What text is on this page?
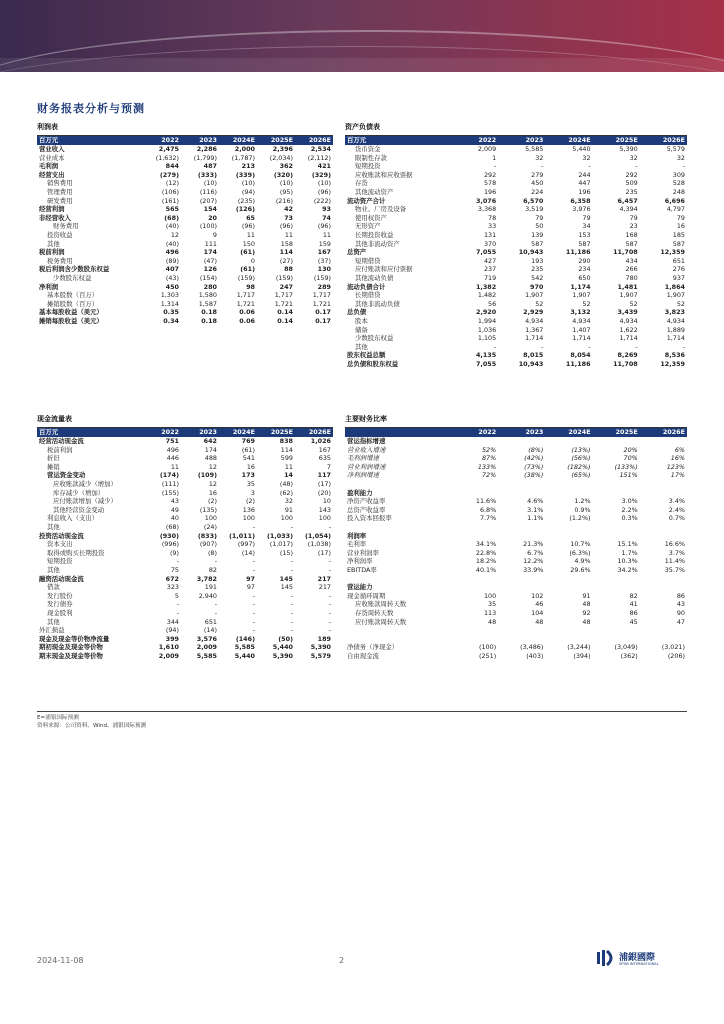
财务报表分析与预测
利润表
百万元	2022	2023	2024E	2025E	2026E
营业收入	2,475	2,286	2,000	2,396	2,534
营业成本	(1,632)	(1,799)	(1,787)	(2,034)	(2,112)
毛利润	844	487	213	362	421
经营支出	(279)	(333)	(339)	(320)	(329)
销售费用	(12)	(10)	(10)	(10)	(10)
管理费用	(106)	(116)	(94)	(95)	(96)
研发费用	(161)	(207)	(235)	(216)	(222)
经营利润	565	154	(126)	42	93
非经营收入	(68)	20	65	73	74
财务费用	(40)	(100)	(96)	(96)	(96)
投资收益	12	9	11	11	11
其他	(40)	111	150	158	159
税前利润	496	174	(61)	114	167
税务费用	(89)	(47)	0	(27)	(37)
税后利润含少数股东权益	407	126	(61)	88	130
少数股东权益	(43)	(154)	(159)	(159)	(159)
净利润	450	280	98	247	289
基本股数（百万）	1,303	1,580	1,717	1,717	1,717
摊销股数（百万）	1,314	1,587	1,721	1,721	1,721
基本每股收益（美元）	0.35	0.18	0.06	0.14	0.17
摊销每股收益（美元）	0.34	0.18	0.06	0.14	0.17
资产负债表
百万元	2022	2023	2024E	2025E	2026E
货币资金	2,009	5,585	5,440	5,390	5,579
限制性存款	1	32	32	32	32
短期投资	-	-	-	-	-
应收账款和应收票据	292	279	244	292	309
存货	578	450	447	509	528
其他流动资产	196	224	196	235	248
流动资产合计	3,076	6,570	6,358	6,457	6,696
物业、厂房及设备	3,368	3,519	3,976	4,394	4,797
使用权资产	78	79	79	79	79
无形资产	33	50	34	23	16
长期投资收益	131	139	153	168	185
其他非流动资产	370	587	587	587	587
总资产	7,055	10,943	11,186	11,708	12,359
短期借贷	427	193	290	434	651
应付账款和应付票据	237	235	234	266	276
其他流动负债	719	542	650	780	937
流动负债合计	1,382	970	1,174	1,481	1,864
长期借贷	1,482	1,907	1,907	1,907	1,907
其他非流动负债	56	52	52	52	52
总负债	2,920	2,929	3,132	3,439	3,823
股本	1,994	4,934	4,934	4,934	4,934
储备	1,036	1,367	1,407	1,622	1,889
少数股东权益	1,105	1,714	1,714	1,714	1,714
其他	-	-	-	-	-
股东权益总额	4,135	8,015	8,054	8,269	8,536
总负债和股东权益	7,055	10,943	11,186	11,708	12,359
现金流量表
百万元	2022	2023	2024E	2025E	2026E
经营活动现金流	751	642	769	838	1,026
税前利润	496	174	(61)	114	167
折旧	446	488	541	599	635
摊销	11	12	16	11	7
营运资金变动	(174)	(109)	173	14	117
应收账款减少（增加）	(111)	12	35	(48)	(17)
库存减少（增加）	(155)	16	3	(62)	(20)
应付账款增加（减少）	43	(2)	(2)	32	10
其他经营资金变动	49	(135)	136	91	143
利息收入（支出）	40	100	100	100	100
其他	(68)	(24)	-	-	-
投资活动现金流	(930)	(833)	(1,011)	(1,033)	(1,054)
资本支出	(996)	(907)	(997)	(1,017)	(1,038)
取得或购买长期投资	(9)	(8)	(14)	(15)	(17)
短期投资	-	-	-	-	-
其他	75	82	-	-	-
融资活动现金流	672	3,782	97	145	217
借款	323	191	97	145	217
发行股份	5	2,940	-	-	-
发行债券	-	-	-	-	-
现金股利	-	-	-	-	-
其他	344	651	-	-	-
外汇损益	(94)	(14)	-	-	-
现金及现金等价物净流量	399	3,576	(146)	(50)	189
期初现金及现金等价物	1,610	2,009	5,585	5,440	5,390
期末现金及现金等价物	2,009	5,585	5,440	5,390	5,579
主要财务比率
	2022	2023	2024E	2025E	2026E
营运指标增速					
营业收入增速	52%	(8%)	(13%)	20%	6%
毛利润增速	87%	(42%)	(56%)	70%	16%
营业利润增速	133%	(73%)	(182%)	(133%)	123%
净利润增速	72%	(38%)	(65%)	151%	17%

盈利能力					
净资产收益率	11.6%	4.6%	1.2%	3.0%	3.4%
总资产收益率	6.8%	3.1%	0.9%	2.2%	2.4%
投入资本回报率	7.7%	1.1%	(1.2%)	0.3%	0.7%

利润率					
毛利率	34.1%	21.3%	10.7%	15.1%	16.6%
营业利润率	22.8%	6.7%	(6.3%)	1.7%	3.7%
净利润率	18.2%	12.2%	4.9%	10.3%	11.4%
EBITDA率	40.1%	33.9%	29.6%	34.2%	35.7%

营运能力					
现金循环周期	100	102	91	82	86
应收账款周转天数	35	46	48	41	43
存货周转天数	113	104	92	86	90
应付账款周转天数	48	48	48	45	47

净债务（净现金）	(100)	(3,486)	(3,244)	(3,049)	(3,021)
自由现金流	(251)	(403)	(394)	(362)	(206)
E=浦银国际预测
资料来源：公司资料、Wind、浦银国际预测
2024-11-08	2	浦銀國際
SPDB INTERNATIONAL
